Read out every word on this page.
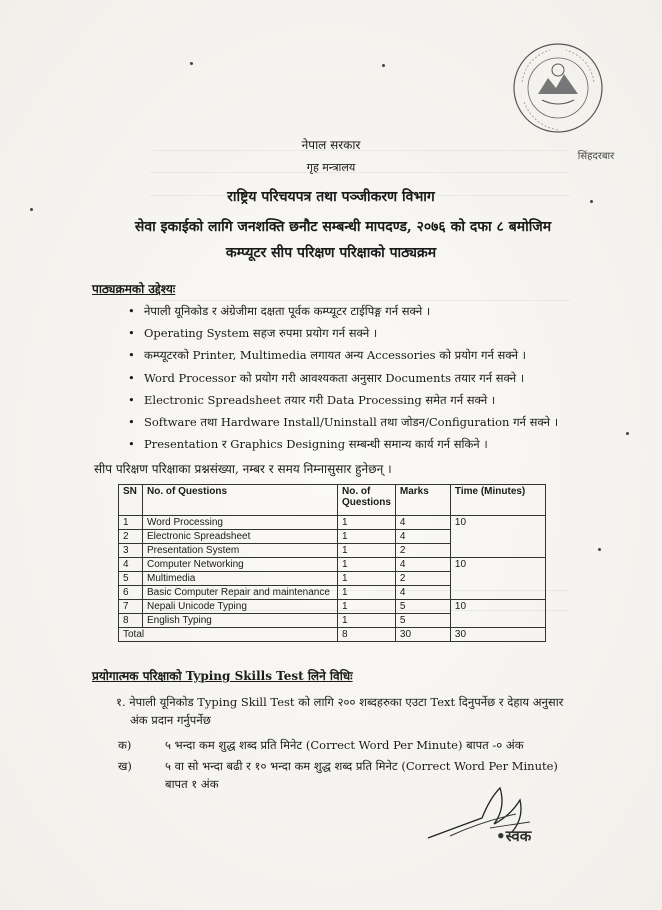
सिंहदरबार
नेपाल सरकार
गृह मन्त्रालय
राष्ट्रिय परिचयपत्र तथा पञ्जीकरण विभाग
सेवा इकाईको लागि जनशक्ति छनौट सम्बन्धी मापदण्ड, २०७६ को दफा ८ बमोजिम
कम्प्यूटर सीप परिक्षण परिक्षाको पाठ्यक्रम
पाठ्यक्रमको उद्देश्यः
• नेपाली यूनिकोड र अंग्रेजीमा दक्षता पूर्वक कम्प्यूटर टाईपिङ्ग गर्न सक्ने ।
• Operating System सहज रुपमा प्रयोग गर्न सक्ने ।
• कम्प्यूटरको Printer, Multimedia लगायत अन्य Accessories को प्रयोग गर्न सक्ने ।
• Word Processor को प्रयोग गरी आवश्यकता अनुसार Documents तयार गर्न सक्ने ।
• Electronic Spreadsheet तयार गरी Data Processing समेत गर्न सक्ने ।
• Software तथा Hardware Install/Uninstall तथा जोडन/Configuration गर्न सक्ने ।
• Presentation र Graphics Designing सम्बन्धी समान्य कार्य गर्न सकिने ।
सीप परिक्षण परिक्षाका प्रश्नसंख्या, नम्बर र समय निम्नासुसार हुनेछन् ।
SN	No. of Questions	No. of Questions	Marks	Time (Minutes)
1	Word Processing	1	4	10
2	Electronic Spreadsheet	1	4	
3	Presentation System	1	2	
4	Computer Networking	1	4	10
5	Multimedia	1	2	
6	Basic Computer Repair and maintenance	1	4	
7	Nepali Unicode Typing	1	5	10
8	English Typing	1	5	
Total		8	30	30
प्रयोगात्मक परिक्षाको Typing Skills Test लिने विधिः
१. नेपाली यूनिकोड Typing Skill Test को लागि २०० शब्दहरुका एउटा Text दिनुपर्नेछ र देहाय अनुसार
अंक प्रदान गर्नुपर्नेछ
क)	५ भन्दा कम शुद्ध शब्द प्रति मिनेट (Correct Word Per Minute) बापत -० अंक
ख)	५ वा सो भन्दा बढी र १० भन्दा कम शुद्ध शब्द प्रति मिनेट (Correct Word Per Minute)
बापत १ अंक
•स्वक
